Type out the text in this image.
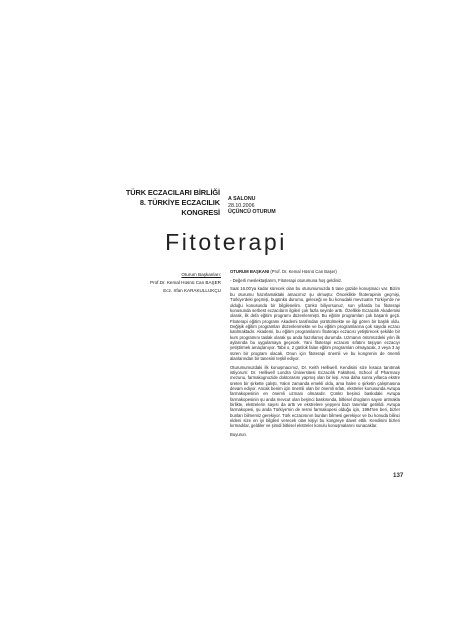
TÜRK ECZACILARI BİRLİĞİ
8. TÜRKİYE ECZACILIK
KONGRESİ
A SALONU
28.10.2006
ÜÇÜNCÜ OTURUM
Fitoterapi
Oturum Başkanları:
Prof.Dr. Kemal Hüsnü Can BAŞER
Ecz. Irfan KARAKULLUKÇU

OTURUM BAŞKANI (Prof. Dr. Kemal Hüsnü Can Başer)

- Değerli meslektaşlarım, Fitoterapi oturumuna hoş geldiniz.

Saat 16.00'ya kadar sürecek olan bu oturumumuzda 5 tane güzide konuşmacı var. Bizim bu oturumu hazırlamaktaki amacımız şu olmuştu: Önceklikle fitoterapinin geçmişi, Türkiye'deki geçmişi, bugünkü durumu, geleceği ve bu konudaki mevzuatın Türkiye'de ne olduğu konusunda bir bilgilenelim. Çünkü biliyorsunuz, son yıllarda bu fitoterapi konusunda serbest eczacıların ilgileri çok fazla seyirde arttı. Özellikle Eczacılık Akademisi olarak, ilk defa eğitim programı düzenlenmişti. Bu eğitim programları çok başarılı geçti. Fitoterapi eğitim programı Akademi tarafından yürütülmekte ve ilgi gören bir başlık oldu. Değişik eğitim programları düzenlenmekte ve bu eğitim programlarına çok sayıda eczacı katılmaktadır. Akademi, bu eğitim programlarını fitoterapi eczacısı yetiştirecek şekilde bir kurs programını taslak olarak şu anda hazırlamış durumda. Uzmanın önümüzdeki yılın ilk aylarında bu uygulamaya geçecek. Yani fitoterapi eczacısı sıfatını taşıyan eczacıyı yetiştirmek amaçlanıyor. Tabii o, 2 günlük falan eğitim programları olmayacak, 2 veya 3 ay süren bir program olacak. Onun için fitoterapi önemli ve bu kongrenin de önemli alanlarından bir tanesini teşkil ediyor.

Oturumumuzdaki ilk konuşmacımız, Dr. Keith Helliwell. Kendisini size kısaca tanıtmak istiyorum: Dr. Helliwell Londra Üniversitesi Eczacılık Fakültesi, School of Pharmacy mezunu, farmakognozide doktorasını yapmış olan bir kişi. Ama daha sonra yıllarca ekstre üreten bir şirkette çalıştı. Yakın zamanda emekli oldu, ama halen o şirketin çalışmasına devam ediyor. Ancak benim için önemli olan bir önemli sıfatı, ekstreler konusunda Avrupa farmakopesinin en önemli uzmanı olmasıdır. Çünkü beşinci baskıdaki Avrupa farmakopesinin şu anda mevcut olan beşinci baskısında, bitkisel drogların sayısı artmakla birlikte, ekstrelerin sayısı da arttı ve ekstrelere yepyeni bazı tanımlar getirildi. Avrupa farmakopesi, şu anda Türkiye'nin de resmi farmakopesi olduğu için, 1994'ten beri, bizler bunları bilmemiz gerekiyor. Türk eczacısının bunları bilmesi gerekiyor ve bu konuda bilinci eldeni size en iyi bilgileri verecek olan kişiyi bu kongreye davet ettik. Kendisini bizleri kırmadılar, geldiler ve şimdi bitkisel ekstreler konulu konuşmalarını sunacaklar.

Buyurun.

137
